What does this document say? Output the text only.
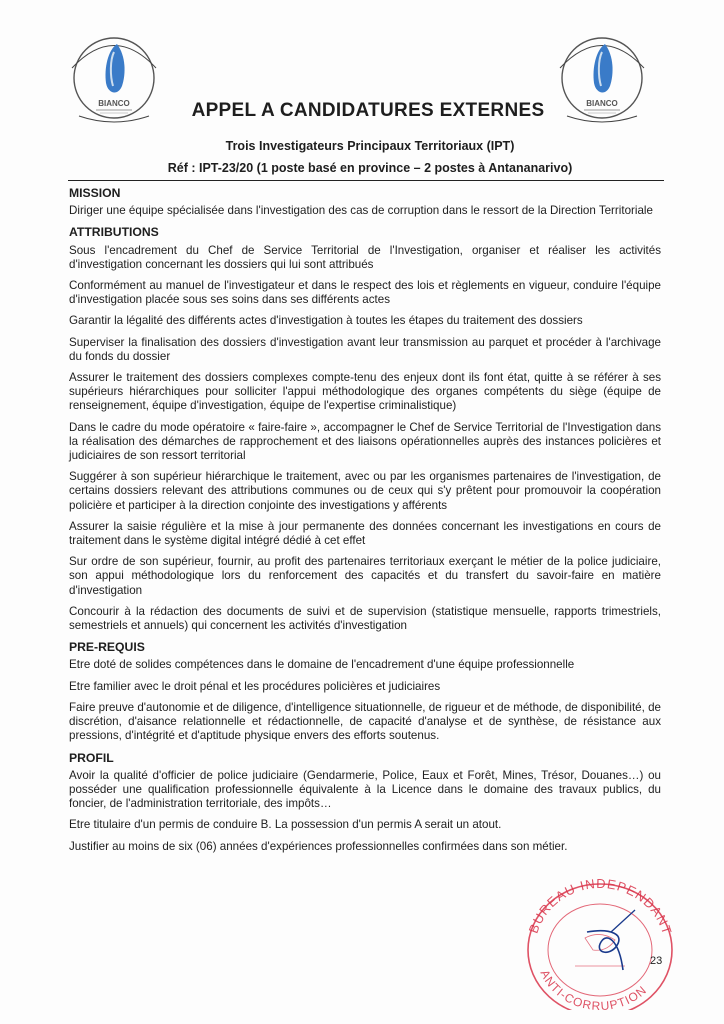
BIANCO	BIANCO
APPEL A CANDIDATURES EXTERNES
Trois Investigateurs Principaux Territoriaux (IPT)
Réf : IPT-23/20 (1 poste basé en province – 2 postes à Antananarivo)
MISSION
Diriger une équipe spécialisée dans l'investigation des cas de corruption dans le ressort de la Direction Territoriale
ATTRIBUTIONS
Sous l'encadrement du Chef de Service Territorial de l'Investigation, organiser et réaliser les activités d'investigation concernant les dossiers qui lui sont attribués
Conformément au manuel de l'investigateur et dans le respect des lois et règlements en vigueur, conduire l'équipe d'investigation placée sous ses soins dans ses différents actes
Garantir la légalité des différents actes d'investigation à toutes les étapes du traitement des dossiers
Superviser la finalisation des dossiers d'investigation avant leur transmission au parquet et procéder à l'archivage du fonds du dossier
Assurer le traitement des dossiers complexes compte-tenu des enjeux dont ils font état, quitte à se référer à ses supérieurs hiérarchiques pour solliciter l'appui méthodologique des organes compétents du siège (équipe de renseignement, équipe d'investigation, équipe de l'expertise criminalistique)
Dans le cadre du mode opératoire « faire-faire », accompagner le Chef de Service Territorial de l'Investigation dans la réalisation des démarches de rapprochement et des liaisons opérationnelles auprès des instances policières et judiciaires de son ressort territorial
Suggérer à son supérieur hiérarchique le traitement, avec ou par les organismes partenaires de l'investigation, de certains dossiers relevant des attributions communes ou de ceux qui s'y prêtent pour promouvoir la coopération policière et participer à la direction conjointe des investigations y afférents
Assurer la saisie régulière et la mise à jour permanente des données concernant les investigations en cours de traitement dans le système digital intégré dédié à cet effet
Sur ordre de son supérieur, fournir, au profit des partenaires territoriaux exerçant le métier de la police judiciaire, son appui méthodologique lors du renforcement des capacités et du transfert du savoir-faire en matière d'investigation
Concourir à la rédaction des documents de suivi et de supervision (statistique mensuelle, rapports trimestriels, semestriels et annuels) qui concernent les activités d'investigation
PRE-REQUIS
Etre doté de solides compétences dans le domaine de l'encadrement d'une équipe professionnelle
Etre familier avec le droit pénal et les procédures policières et judiciaires
Faire preuve d'autonomie et de diligence, d'intelligence situationnelle, de rigueur et de méthode, de disponibilité, de discrétion, d'aisance relationnelle et rédactionnelle, de capacité d'analyse et de synthèse, de résistance aux pressions, d'intégrité et d'aptitude physique envers des efforts soutenus.
PROFIL
Avoir la qualité d'officier de police judiciaire (Gendarmerie, Police, Eaux et Forêt, Mines, Trésor, Douanes…) ou posséder une qualification professionnelle équivalente à la Licence dans le domaine des travaux publics, du foncier, de l'administration territoriale, des impôts…
Etre titulaire d'un permis de conduire B. La possession d'un permis A serait un atout.
Justifier au moins de six (06) années d'expériences professionnelles confirmées dans son métier.
BUREAU INDEPENDANT
ANTI-CORRUPTION
23
